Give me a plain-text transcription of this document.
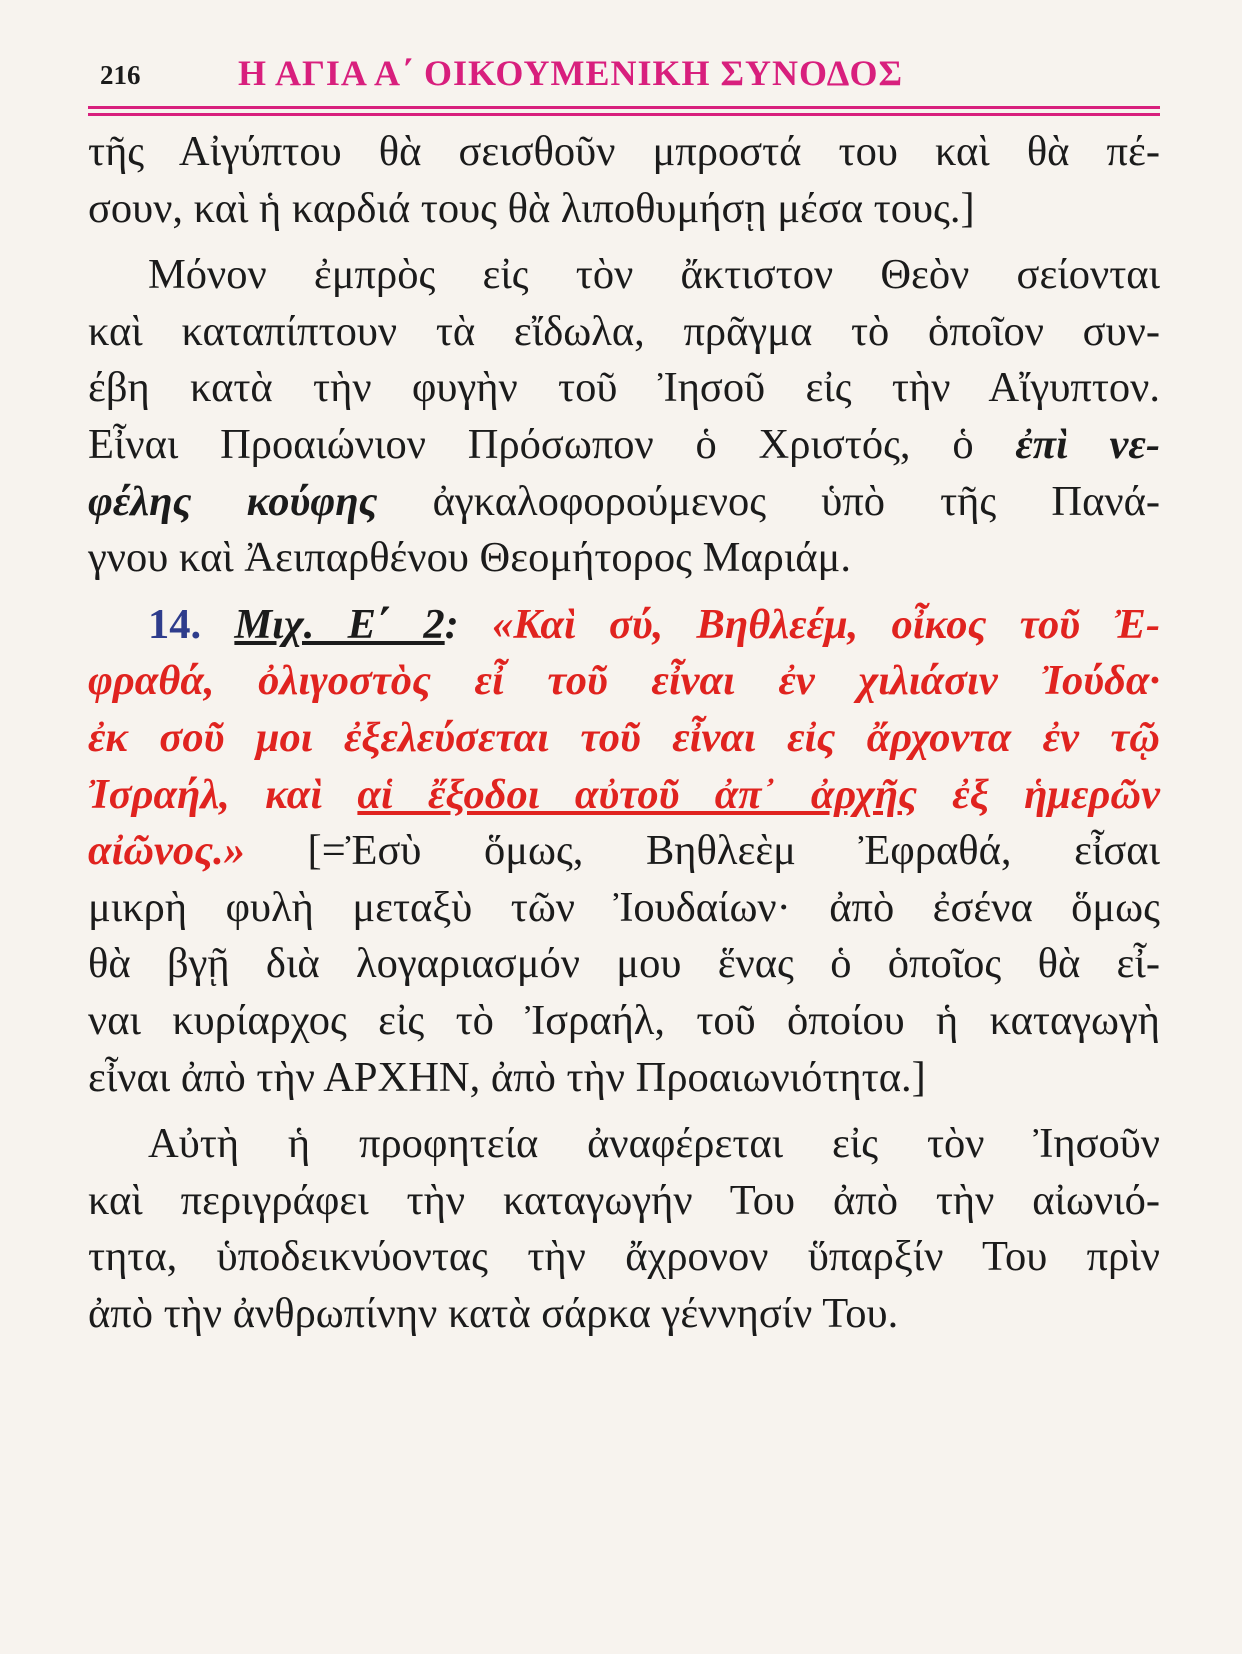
216	Η ΑΓΙΑ Α΄ ΟΙΚΟΥΜΕΝΙΚΗ ΣΥΝΟΔΟΣ

τῆς Αἰγύπτου θὰ σεισθοῦν μπροστά του καὶ θὰ πέ-
σουν, καὶ ἡ καρδιά τους θὰ λιποθυμήσῃ μέσα τους.]

Μόνον ἐμπρὸς εἰς τὸν ἄκτιστον Θεὸν σείονται
καὶ καταπίπτουν τὰ εἴδωλα, πρᾶγμα τὸ ὁποῖον συν-
έβη κατὰ τὴν φυγὴν τοῦ Ἰησοῦ εἰς τὴν Αἴγυπτον.
Εἶναι Προαιώνιον Πρόσωπον ὁ Χριστός, ὁ ἐπὶ νε-
φέλης κούφης ἀγκαλοφορούμενος ὑπὸ τῆς Πανά-
γνου καὶ Ἀειπαρθένου Θεομήτορος Μαριάμ.

14. Μιχ. Ε΄ 2: «Καὶ σύ, Βηθλεέμ, οἶκος τοῦ Ἐ-
φραθά, ὀλιγοστὸς εἶ τοῦ εἶναι ἐν χιλιάσιν Ἰούδα·
ἐκ σοῦ μοι ἐξελεύσεται τοῦ εἶναι εἰς ἄρχοντα ἐν τῷ
Ἰσραήλ, καὶ αἱ ἔξοδοι αὐτοῦ ἀπ᾽ ἀρχῆς ἐξ ἡμερῶν
αἰῶνος.» [=Ἐσὺ ὅμως, Βηθλεὲμ Ἐφραθά, εἶσαι
μικρὴ φυλὴ μεταξὺ τῶν Ἰουδαίων· ἀπὸ ἐσένα ὅμως
θὰ βγῇ διὰ λογαριασμόν μου ἕνας ὁ ὁποῖος θὰ εἶ-
ναι κυρίαρχος εἰς τὸ Ἰσραήλ, τοῦ ὁποίου ἡ καταγωγὴ
εἶναι ἀπὸ τὴν ΑΡΧΗΝ, ἀπὸ τὴν Προαιωνιότητα.]

Αὐτὴ ἡ προφητεία ἀναφέρεται εἰς τὸν Ἰησοῦν
καὶ περιγράφει τὴν καταγωγήν Του ἀπὸ τὴν αἰωνιό-
τητα, ὑποδεικνύοντας τὴν ἄχρονον ὕπαρξίν Του πρὶν
ἀπὸ τὴν ἀνθρωπίνην κατὰ σάρκα γέννησίν Του.
